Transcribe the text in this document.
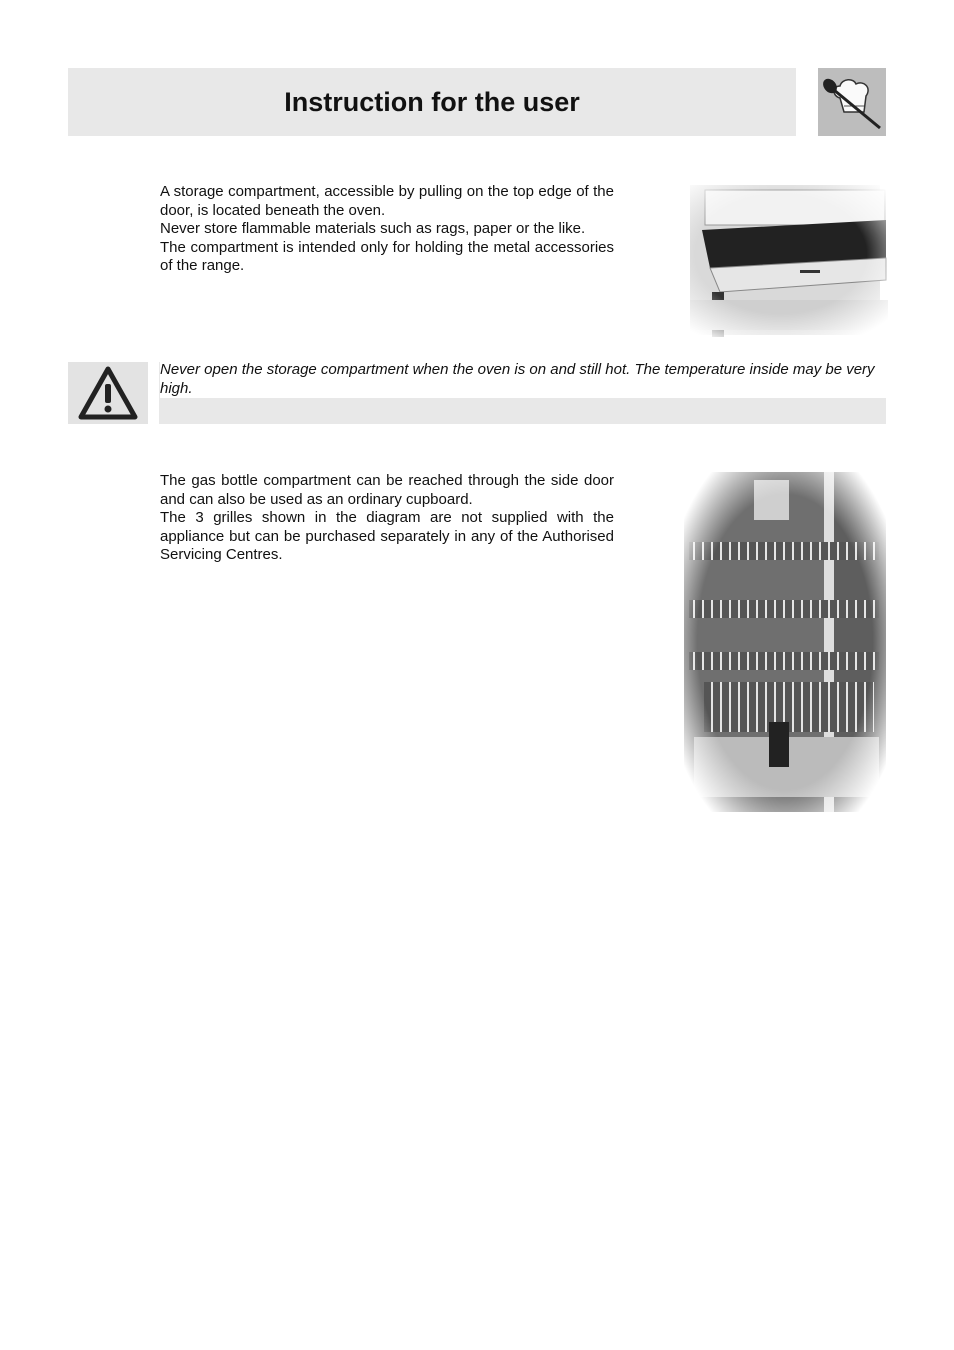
Instruction for the user

A storage compartment, accessible by pulling on the top edge of the door, is located beneath the oven.

Never store flammable materials such as rags, paper or the like.

The compartment is intended only for holding the metal accessories of the range.

Never open the storage compartment when the oven is on and still hot. The temperature inside may be very high.

The gas bottle compartment can be reached through the side door and can also be used as an ordinary cupboard.

The 3 grilles shown in the diagram are not supplied with the appliance but can be purchased separately in any of the Authorised Servicing Centres.
